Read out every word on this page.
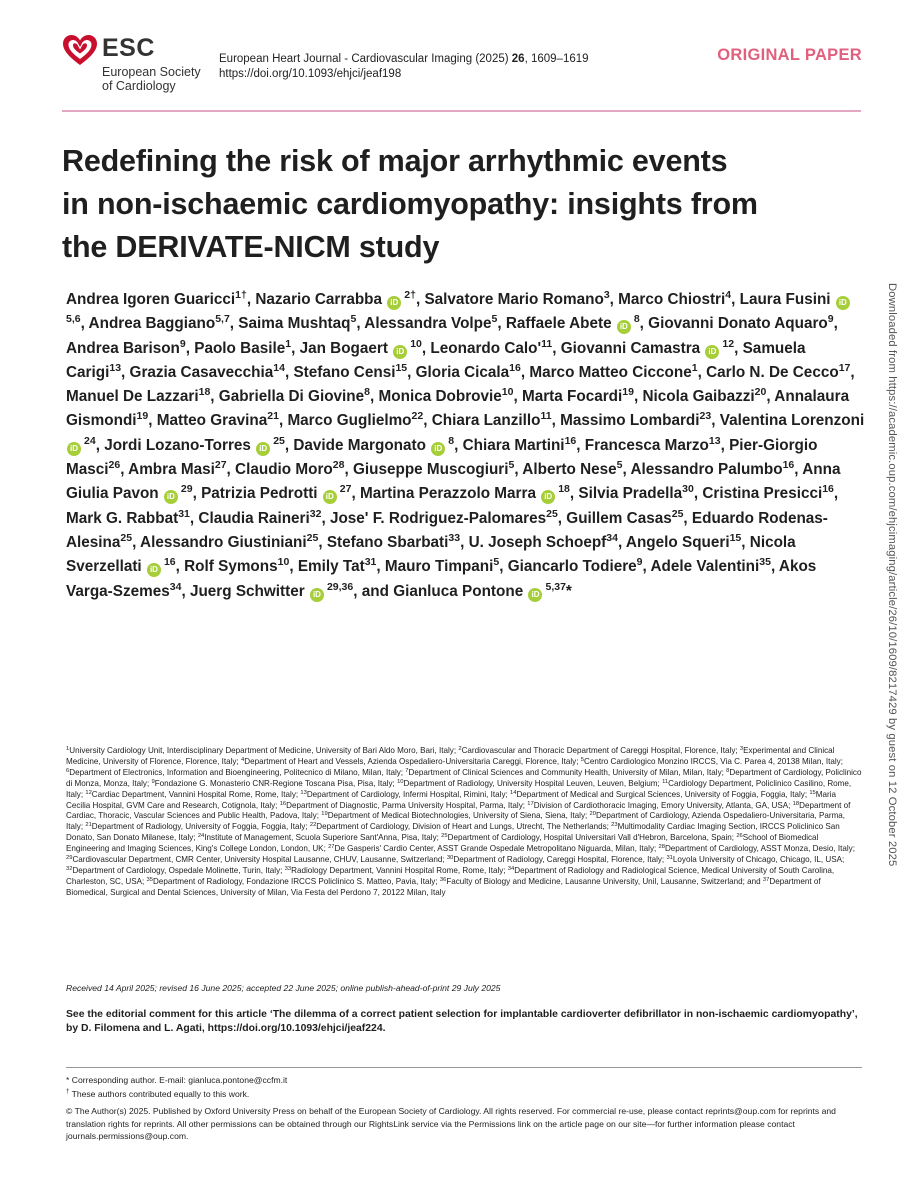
ESC
European Society
of Cardiology
European Heart Journal - Cardiovascular Imaging (2025) 26, 1609–1619
https://doi.org/10.1093/ehjci/jeaf198
ORIGINAL PAPER
Redefining the risk of major arrhythmic events
in non-ischaemic cardiomyopathy: insights from
the DERIVATE-NICM study
Andrea Igoren Guaricci$^{1\dagger}$, Nazario Carrabba $iD^{2\dagger}$, Salvatore Mario Romano$^3$, Marco Chiostri$^4$, Laura Fusini iD$^{5,6}$, Andrea Baggiano$^{5,7}$, Saima Mushtaq$^5$, Alessandra Volpe$^5$, Raffaele Abete $iD^8$, Giovanni Donato Aquaro$^9$, Andrea Barison$^9$, Paolo Basile$^1$, Jan Bogaert $iD^{10}$, Leonardo $Calo'^{11}$, Giovanni Camastra $iD^{12}$, Samuela Carigi$^{13}$, Grazia Casavecchia$^{14}$, Stefano Censi$^{15}$, Gloria Cicala$^{16}$, Marco Matteo Ciccone$^1$, Carlo N. De Cecco$^{17}$, Manuel De Lazzari$^{18}$, Gabriella Di Giovine$^8$, Monica Dobrovie$^{10}$, Marta Focardi$^{19}$, Nicola Gaibazzi$^{20}$, Annalaura Gismondi$^{19}$, Matteo Gravina$^{21}$, Marco Guglielmo$^{22}$, Chiara Lanzillo$^{11}$, Massimo Lombardi$^{23}$, Valentina Lorenzoni $iD^{24}$, Jordi Lozano-Torres $iD^{25}$, Davide Margonato $iD^8$, Chiara Martini$^{16}$, Francesca Marzo$^{13}$, Pier-Giorgio Masci$^{26}$, Ambra Masi$^{27}$, Claudio Moro$^{28}$, Giuseppe Muscogiuri$^5$, Alberto Nese$^5$, Alessandro Palumbo$^{16}$, Anna Giulia Pavon $iD^{29}$, Patrizia Pedrotti $iD^{27}$, Martina Perazzolo Marra $iD^{18}$, Silvia Pradella$^{30}$, Cristina Presicci$^{16}$, Mark G. Rabbat$^{31}$, Claudia Raineri$^{32}$, Jose' F. Rodriguez-Palomares$^{25}$, Guillem Casas$^{25}$, Eduardo Rodenas-Alesina$^{25}$, Alessandro Giustiniani$^{25}$, Stefano Sbarbati$^{33}$, U. Joseph Schoepf$^{34}$, Angelo Squeri$^{15}$, Nicola Sverzellati $iD^{16}$, Rolf Symons$^{10}$, Emily Tat$^{31}$, Mauro Timpani$^5$, Giancarlo Todiere$^9$, Adele Valentini$^{35}$, Akos Varga-Szemes$^{34}$, Juerg Schwitter iD$^{29,36}$, and Gianluca Pontone iD$^{5,37}$*
$^1$University Cardiology Unit, Interdisciplinary Department of Medicine, University of Bari Aldo Moro, Bari, Italy; $^2$Cardiovascular and Thoracic Department of Careggi Hospital, Florence, Italy; $^3$Experimental and Clinical Medicine, University of Florence, Florence, Italy; $^4$Department of Heart and Vessels, Azienda Ospedaliero-Universitaria Careggi, Florence, Italy; $^5$Centro Cardiologico Monzino IRCCS, Via C. Parea 4, 20138 Milan, Italy; $^6$Department of Electronics, Information and Bioengineering, Politecnico di Milano, Milan, Italy; $^7$Department of Clinical Sciences and Community Health, University of Milan, Milan, Italy; $^8$Department of Cardiology, Policlinico di Monza, Monza, Italy; $^9$Fondazione G. Monasterio CNR-Regione Toscana Pisa, Pisa, Italy; $^{10}$Department of Radiology, University Hospital Leuven, Leuven, Belgium; $^{11}$Cardiology Department, Policlinico Casilino, Rome, Italy; $^{12}$Cardiac Department, Vannini Hospital Rome, Rome, Italy; $^{13}$Department of Cardiology, Infermi Hospital, Rimini, Italy; $^{14}$Department of Medical and Surgical Sciences, University of Foggia, Foggia, Italy; $^{15}$Maria Cecilia Hospital, GVM Care and Research, Cotignola, Italy; $^{16}$Department of Diagnostic, Parma University Hospital, Parma, Italy; $^{17}$Division of Cardiothoracic Imaging, Emory University, Atlanta, GA, USA; $^{18}$Department of Cardiac, Thoracic, Vascular Sciences and Public Health, Padova, Italy; $^{19}$Department of Medical Biotechnologies, University of Siena, Siena, Italy; $^{20}$Department of Cardiology, Azienda Ospedaliero-Universitaria, Parma, Italy; $^{21}$Department of Radiology, University of Foggia, Foggia, Italy; $^{22}$Department of Cardiology, Division of Heart and Lungs, Utrecht, The Netherlands; $^{23}$Multimodality Cardiac Imaging Section, IRCCS Policlinico San Donato, San Donato Milanese, Italy; $^{24}$Institute of Management, Scuola Superiore Sant'Anna, Pisa, Italy; $^{25}$Department of Cardiology, Hospital Universitari Vall d'Hebron, Barcelona, Spain; $^{26}$School of Biomedical Engineering and Imaging Sciences, King's College London, London, UK; $^{27}$De Gasperis' Cardio Center, ASST Grande Ospedale Metropolitano Niguarda, Milan, Italy; $^{28}$Department of Cardiology, ASST Monza, Desio, Italy; $^{29}$Cardiovascular Department, CMR Center, University Hospital Lausanne, CHUV, Lausanne, Switzerland; $^{30}$Department of Radiology, Careggi Hospital, Florence, Italy; $^{31}$Loyola University of Chicago, Chicago, IL, USA; $^{32}$Department of Cardiology, Ospedale Molinette, Turin, Italy; $^{33}$Radiology Department, Vannini Hospital Rome, Rome, Italy; $^{34}$Department of Radiology and Radiological Science, Medical University of South Carolina, Charleston, SC, USA; $^{35}$Department of Radiology, Fondazione IRCCS Policlinico S. Matteo, Pavia, Italy; $^{36}$Faculty of Biology and Medicine, Lausanne University, Unil, Lausanne, Switzerland; and $^{37}$Department of Biomedical, Surgical and Dental Sciences, University of Milan, Via Festa del Perdono 7, 20122 Milan, Italy
Received 14 April 2025; revised 16 June 2025; accepted 22 June 2025; online publish-ahead-of-print 29 July 2025
See the editorial comment for this article ‘The dilemma of a correct patient selection for implantable cardioverter defibrillator in non-ischaemic cardiomyopathy’, by D. Filomena and L. Agati, https://doi.org/10.1093/ehjci/jeaf224.
* Corresponding author. E-mail: gianluca.pontone@ccfm.it
† These authors contributed equally to this work.
© The Author(s) 2025. Published by Oxford University Press on behalf of the European Society of Cardiology. All rights reserved. For commercial re-use, please contact reprints@oup.com for reprints and translation rights for reprints. All other permissions can be obtained through our RightsLink service via the Permissions link on the article page on our site—for further information please contact journals.permissions@oup.com.
Downloaded from https://academic.oup.com/ehjcimaging/article/26/10/1609/8217429 by guest on 12 October 2025
